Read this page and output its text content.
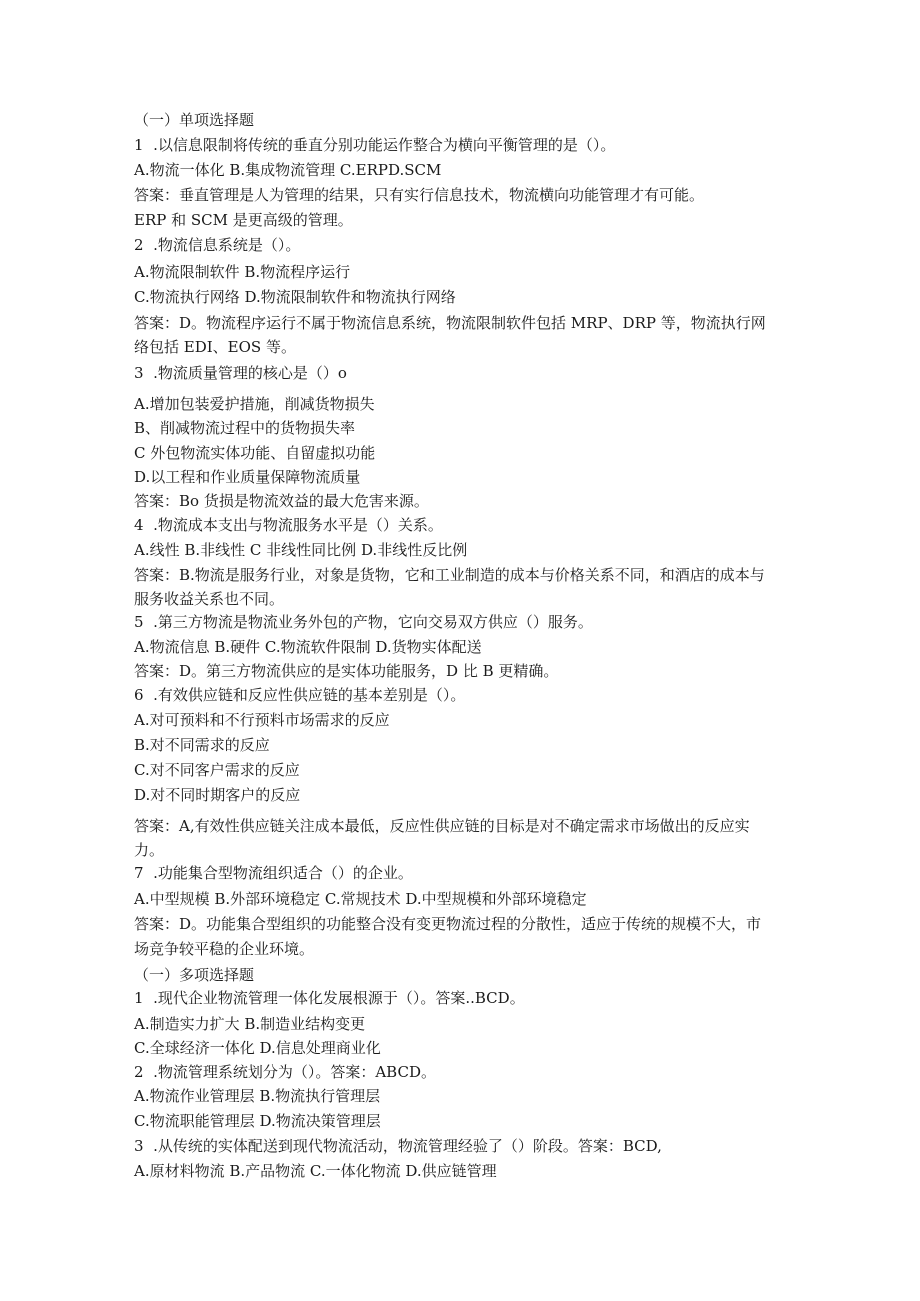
（一）单项选择题
1  .以信息限制将传统的垂直分别功能运作整合为横向平衡管理的是（）。
A.物流一体化 B.集成物流管理 C.ERPD.SCM
答案：垂直管理是人为管理的结果，只有实行信息技术，物流横向功能管理才有可能。
ERP 和 SCM 是更高级的管理。
2  .物流信息系统是（）。
A.物流限制软件 B.物流程序运行
C.物流执行网络 D.物流限制软件和物流执行网络
答案：D。物流程序运行不属于物流信息系统，物流限制软件包括 MRP、DRP 等，物流执行网
络包括 EDI、EOS 等。
3  .物流质量管理的核心是（）o
A.增加包装爱护措施，削减货物损失
B、削减物流过程中的货物损失率
C 外包物流实体功能、自留虚拟功能
D.以工程和作业质量保障物流质量
答案：Bo 货损是物流效益的最大危害来源。
4  .物流成本支出与物流服务水平是（）关系。
A.线性 B.非线性 C 非线性同比例 D.非线性反比例
答案：B.物流是服务行业，对象是货物，它和工业制造的成本与价格关系不同，和酒店的成本与
服务收益关系也不同。
5  .第三方物流是物流业务外包的产物，它向交易双方供应（）服务。
A.物流信息 B.硬件 C.物流软件限制 D.货物实体配送
答案：D。第三方物流供应的是实体功能服务，D 比 B 更精确。
6  .有效供应链和反应性供应链的基本差别是（）。
A.对可预料和不行预料市场需求的反应
B.对不同需求的反应
C.对不同客户需求的反应
D.对不同时期客户的反应
答案：A,有效性供应链关注成本最低，反应性供应链的目标是对不确定需求市场做出的反应实
力。
7  .功能集合型物流组织适合（）的企业。
A.中型规模 B.外部环境稳定 C.常规技术 D.中型规模和外部环境稳定
答案：D。功能集合型组织的功能整合没有变更物流过程的分散性，适应于传统的规模不大，市
场竞争较平稳的企业环境。
（一）多项选择题
1  .现代企业物流管理一体化发展根源于（）。答案..BCD。
A.制造实力扩大 B.制造业结构变更
C.全球经济一体化 D.信息处理商业化
2  .物流管理系统划分为（）。答案：ABCD。
A.物流作业管理层 B.物流执行管理层
C.物流职能管理层 D.物流决策管理层
3  .从传统的实体配送到现代物流活动，物流管理经验了（）阶段。答案：BCD,
A.原材料物流 B.产品物流 C.一体化物流 D.供应链管理
